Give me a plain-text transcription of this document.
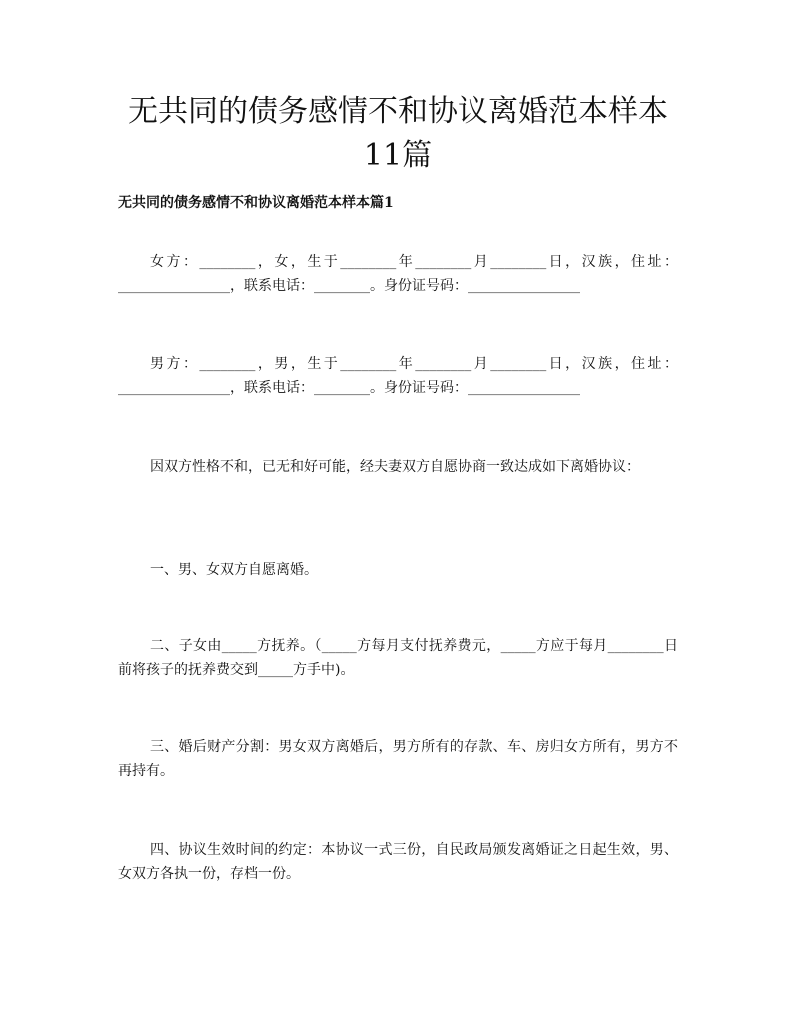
无共同的债务感情不和协议离婚范本样本11篇
无共同的债务感情不和协议离婚范本样本篇1

女方：________，女，生于________年________月________日，汉族，住址：________________，联系电话：________。身份证号码：________________

男方：________，男，生于________年________月________日，汉族，住址：________________，联系电话：________。身份证号码：________________

因双方性格不和，已无和好可能，经夫妻双方自愿协商一致达成如下离婚协议：

一、男、女双方自愿离婚。

二、子女由_____方抚养。（_____方每月支付抚养费元，_____方应于每月________日前将孩子的抚养费交到_____方手中)。

三、婚后财产分割：男女双方离婚后，男方所有的存款、车、房归女方所有，男方不再持有。

四、协议生效时间的约定：本协议一式三份，自民政局颁发离婚证之日起生效，男、女双方各执一份，存档一份。
